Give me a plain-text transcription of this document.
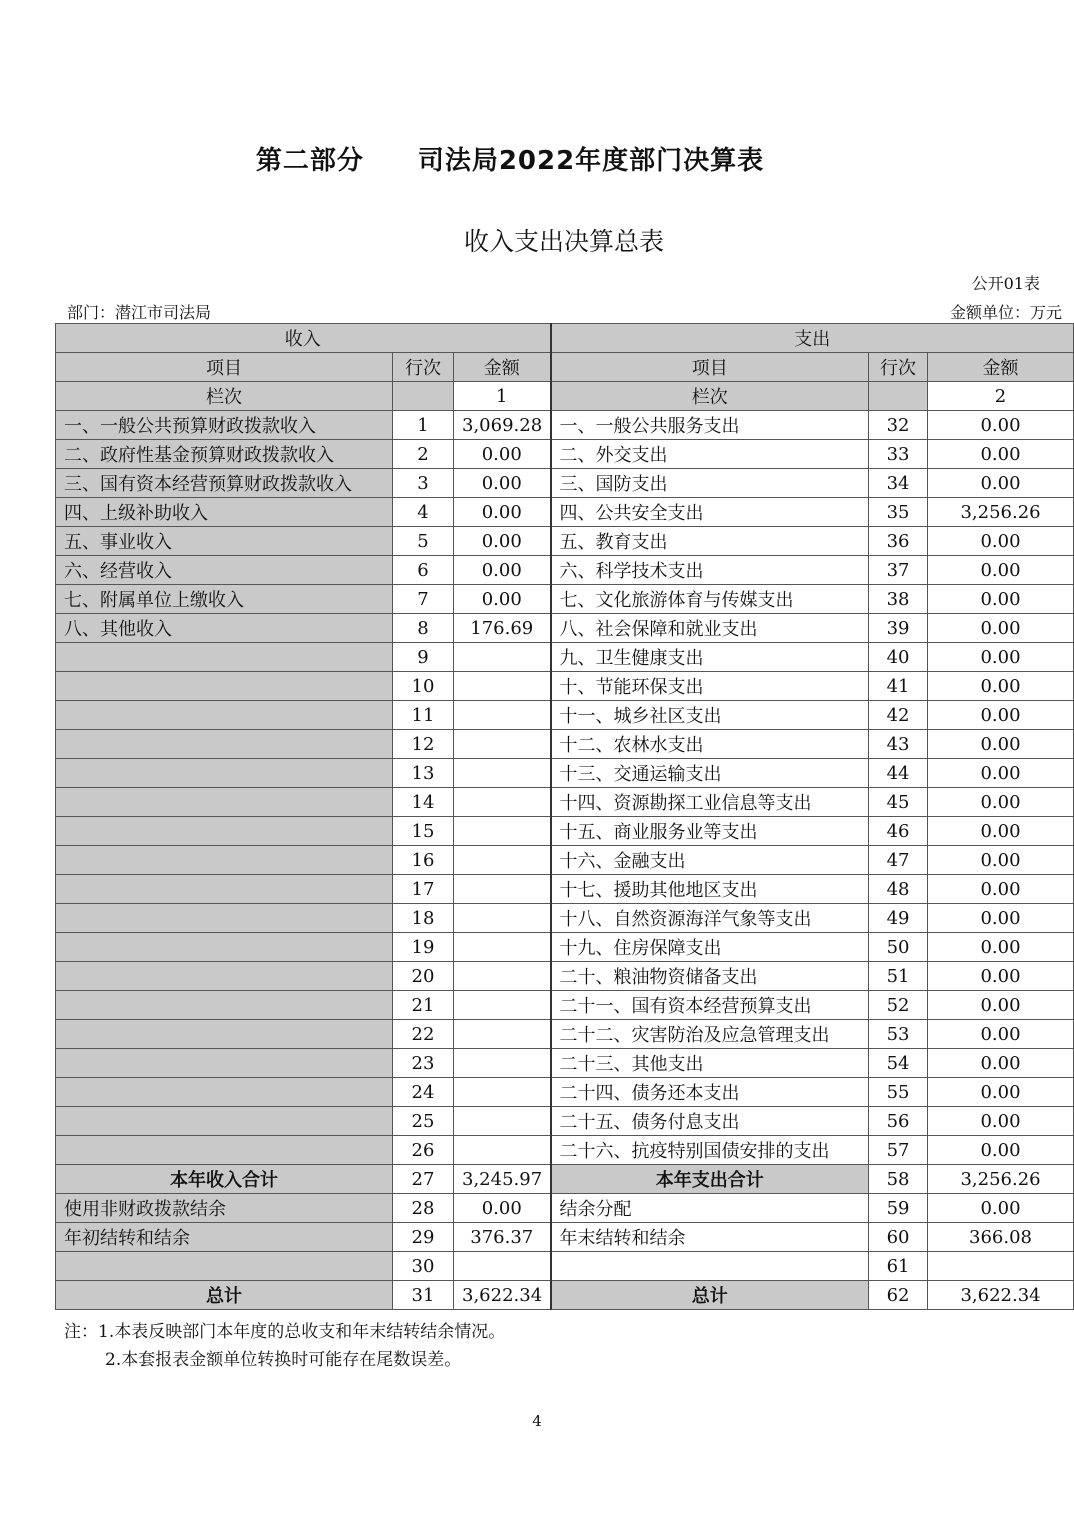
第二部分　　司法局2022年度部门决算表
收入支出决算总表
公开01表
部门：潜江市司法局	金额单位：万元
收入			支出		
项目	行次	金额	项目	行次	金额
栏次		1	栏次		2
一、一般公共预算财政拨款收入	1	3,069.28	一、一般公共服务支出	32	0.00
二、政府性基金预算财政拨款收入	2	0.00	二、外交支出	33	0.00
三、国有资本经营预算财政拨款收入	3	0.00	三、国防支出	34	0.00
四、上级补助收入	4	0.00	四、公共安全支出	35	3,256.26
五、事业收入	5	0.00	五、教育支出	36	0.00
六、经营收入	6	0.00	六、科学技术支出	37	0.00
七、附属单位上缴收入	7	0.00	七、文化旅游体育与传媒支出	38	0.00
八、其他收入	8	176.69	八、社会保障和就业支出	39	0.00
	9		九、卫生健康支出	40	0.00
	10		十、节能环保支出	41	0.00
	11		十一、城乡社区支出	42	0.00
	12		十二、农林水支出	43	0.00
	13		十三、交通运输支出	44	0.00
	14		十四、资源勘探工业信息等支出	45	0.00
	15		十五、商业服务业等支出	46	0.00
	16		十六、金融支出	47	0.00
	17		十七、援助其他地区支出	48	0.00
	18		十八、自然资源海洋气象等支出	49	0.00
	19		十九、住房保障支出	50	0.00
	20		二十、粮油物资储备支出	51	0.00
	21		二十一、国有资本经营预算支出	52	0.00
	22		二十二、灾害防治及应急管理支出	53	0.00
	23		二十三、其他支出	54	0.00
	24		二十四、债务还本支出	55	0.00
	25		二十五、债务付息支出	56	0.00
	26		二十六、抗疫特别国债安排的支出	57	0.00
本年收入合计	27	3,245.97	本年支出合计	58	3,256.26
使用非财政拨款结余	28	0.00	结余分配	59	0.00
年初结转和结余	29	376.37	年末结转和结余	60	366.08
	30			61	
总计	31	3,622.34	总计	62	3,622.34
注：1.本表反映部门本年度的总收支和年末结转结余情况。
2.本套报表金额单位转换时可能存在尾数误差。
4
